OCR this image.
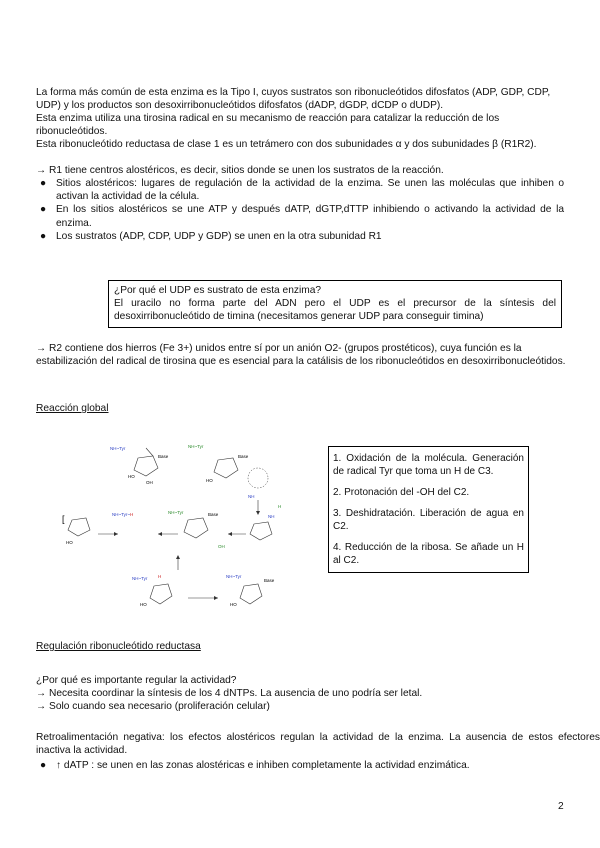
La forma más común de esta enzima es la Tipo I, cuyos sustratos son ribonucleótidos difosfatos (ADP, GDP, CDP, UDP) y los productos son desoxirribonucleótidos difosfatos (dADP, dGDP, dCDP o dUDP).
Esta enzima utiliza una tirosina radical en su mecanismo de reacción para catalizar la reducción de los ribonucleótidos.
Esta ribonucleótido reductasa de clase 1 es un tetrámero con dos subunidades α y dos subunidades β (R1R2).
→ R1 tiene centros alostéricos, es decir, sitios donde se unen los sustratos de la reacción.
● Sitios alostéricos: lugares de regulación de la actividad de la enzima. Se unen las moléculas que inhiben o activan la actividad de la célula.
● En los sitios alostéricos se une ATP y después dATP, dGTP,dTTP inhibiendo o activando la actividad de la enzima.
● Los sustratos (ADP, CDP, UDP y GDP) se unen en la otra subunidad R1
¿Por qué el UDP es sustrato de esta enzima?
El uracilo no forma parte del ADN pero el UDP es el precursor de la síntesis del desoxirribonucleótido de timina (necesitamos generar UDP para conseguir timina)
→ R2 contiene dos hierros (Fe 3+) unidos entre sí por un anión O2- (grupos prostéticos), cuya función es la estabilización del radical de tirosina que es esencial para la catálisis de los ribonucleótidos en desoxirribonucleótidos.
Reacción global
NH~Tyr
Base
HO
OH
NH~Tyr
Base
HO
NH
[	NH~Tyr~H
HO
NH~Tyr	Base
OH
NH
H
NH~Tyr H
HO
NH~Tyr
Base
HO

1. Oxidación de la molécula. Generación de radical Tyr que toma un H de C3.

2. Protonación del -OH del C2.

3. Deshidratación. Liberación de agua en C2.

4. Reducción de la ribosa. Se añade un H al C2.

Regulación ribonucleótido reductasa
¿Por qué es importante regular la actividad?
→ Necesita coordinar la síntesis de los 4 dNTPs. La ausencia de uno podría ser letal.
→ Solo cuando sea necesario (proliferación celular)
Retroalimentación negativa: los efectos alostéricos regulan la actividad de la enzima. La ausencia de estos efectores inactiva la actividad.
● ↑ dATP : se unen en las zonas alostéricas e inhiben completamente la actividad enzimática.
2
